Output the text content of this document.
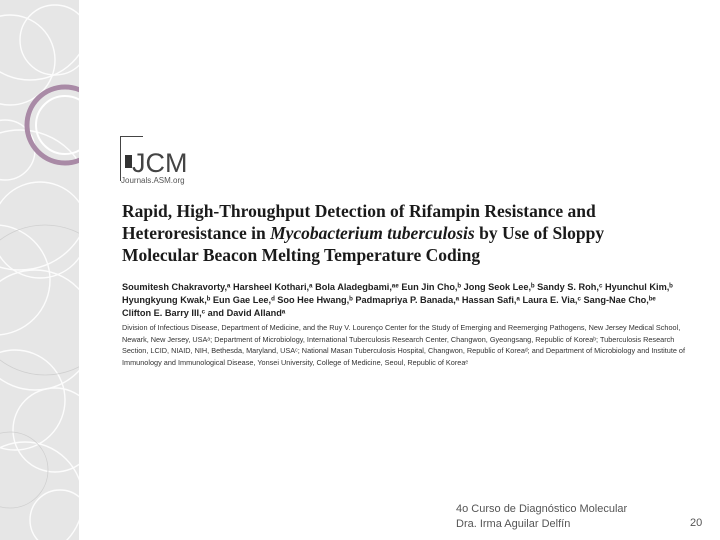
JCM
Journals.ASM.org
Rapid, High-Throughput Detection of Rifampin Resistance and
Heteroresistance in Mycobacterium tuberculosis by Use of Sloppy
Molecular Beacon Melting Temperature Coding

Soumitesh Chakravorty,ᵃ Harsheel Kothari,ᵃ Bola Aladegbami,ᵃᵉ Eun Jin Cho,ᵇ Jong Seok Lee,ᵇ Sandy S. Roh,ᶜ Hyunchul Kim,ᵇ
Hyungkyung Kwak,ᵇ Eun Gae Lee,ᵈ Soo Hee Hwang,ᵇ Padmapriya P. Banada,ᵃ Hassan Safi,ᵃ Laura E. Via,ᶜ Sang-Nae Cho,ᵇᵉ
Clifton E. Barry III,ᶜ and David Allandᵃ

Division of Infectious Disease, Department of Medicine, and the Ruy V. Lourenço Center for the Study of Emerging and Reemerging Pathogens, New Jersey Medical School, Newark, New Jersey, USAᵃ; Department of Microbiology, International Tuberculosis Research Center, Changwon, Gyeongsang, Republic of Koreaᵇ; Tuberculosis Research Section, LCID, NIAID, NIH, Bethesda, Maryland, USAᶜ; National Masan Tuberculosis Hospital, Changwon, Republic of Koreaᵈ; and Department of Microbiology and Institute of Immunology and Immunological Disease, Yonsei University, College of Medicine, Seoul, Republic of Koreaᵉ

4o Curso de Diagnóstico Molecular
Dra. Irma Aguilar Delfín	20
